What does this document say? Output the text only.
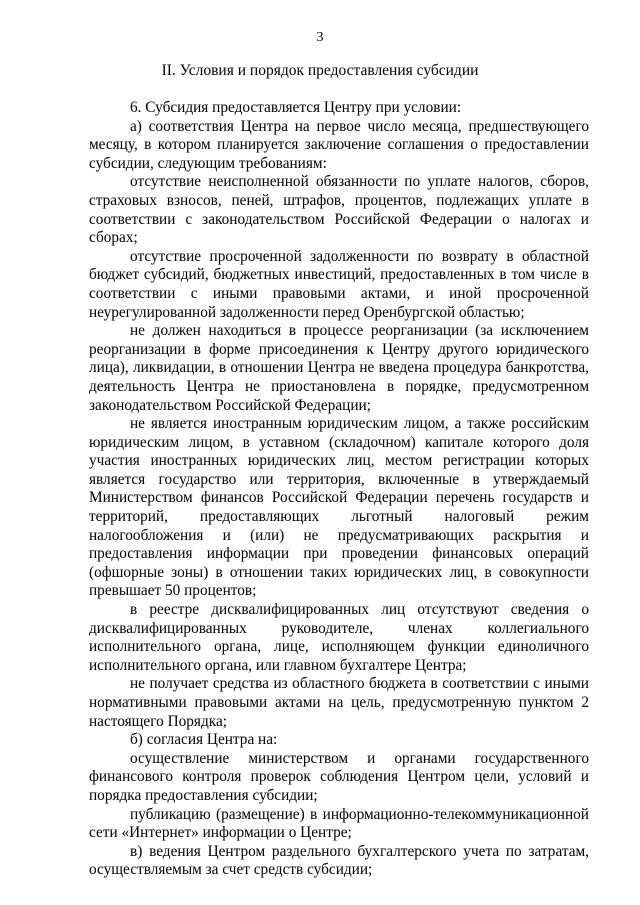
3
II. Условия и порядок предоставления субсидии

6. Субсидия предоставляется Центру при условии:

а) соответствия Центра на первое число месяца, предшествующего месяцу, в котором планируется заключение соглашения о предоставлении субсидии, следующим требованиям:

отсутствие неисполненной обязанности по уплате налогов, сборов, страховых взносов, пеней, штрафов, процентов, подлежащих уплате в соответствии с законодательством Российской Федерации о налогах и сборах;

отсутствие просроченной задолженности по возврату в областной бюджет субсидий, бюджетных инвестиций, предоставленных в том числе в соответствии с иными правовыми актами, и иной просроченной неурегулированной задолженности перед Оренбургской областью;

не должен находиться в процессе реорганизации (за исключением реорганизации в форме присоединения к Центру другого юридического лица), ликвидации, в отношении Центра не введена процедура банкротства, деятельность Центра не приостановлена в порядке, предусмотренном законодательством Российской Федерации;

не является иностранным юридическим лицом, а также российским юридическим лицом, в уставном (складочном) капитале которого доля участия иностранных юридических лиц, местом регистрации которых является государство или территория, включенные в утверждаемый Министерством финансов Российской Федерации перечень государств и территорий, предоставляющих льготный налоговый режим налогообложения и (или) не предусматривающих раскрытия и предоставления информации при проведении финансовых операций (офшорные зоны) в отношении таких юридических лиц, в совокупности превышает 50 процентов;

в реестре дисквалифицированных лиц отсутствуют сведения о дисквалифицированных руководителе, членах коллегиального исполнительного органа, лице, исполняющем функции единоличного исполнительного органа, или главном бухгалтере Центра;

не получает средства из областного бюджета в соответствии с иными нормативными правовыми актами на цель, предусмотренную пунктом 2 настоящего Порядка;

б) согласия Центра на:

осуществление министерством и органами государственного финансового контроля проверок соблюдения Центром цели, условий и порядка предоставления субсидии;

публикацию (размещение) в информационно-телекоммуникационной сети «Интернет» информации о Центре;

в) ведения Центром раздельного бухгалтерского учета по затратам, осуществляемым за счет средств субсидии;
